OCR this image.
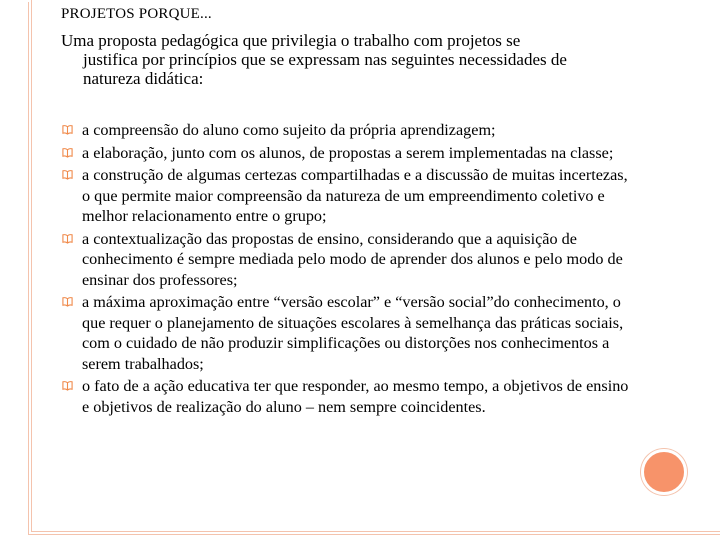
PROJETOS PORQUE...
Uma proposta pedagógica que privilegia o trabalho com projetos se
justifica por princípios que se expressam nas seguintes necessidades de natureza didática:
a compreensão do aluno como sujeito da própria aprendizagem;
a elaboração, junto com os alunos, de propostas a serem implementadas na classe;
a construção de algumas certezas compartilhadas e a discussão de muitas incertezas, o que permite maior compreensão da natureza de um empreendimento coletivo e melhor relacionamento entre o grupo;
a contextualização das propostas de ensino, considerando que a aquisição de conhecimento é sempre mediada pelo modo de aprender dos alunos e pelo modo de ensinar dos professores;
a máxima aproximação entre “versão escolar” e “versão social”do conhecimento, o que requer o planejamento de situações escolares à semelhança das práticas sociais, com o cuidado de não produzir simplificações ou distorções nos conhecimentos a serem trabalhados;
o fato de a ação educativa ter que responder, ao mesmo tempo, a objetivos de ensino e objetivos de realização do aluno – nem sempre coincidentes.
